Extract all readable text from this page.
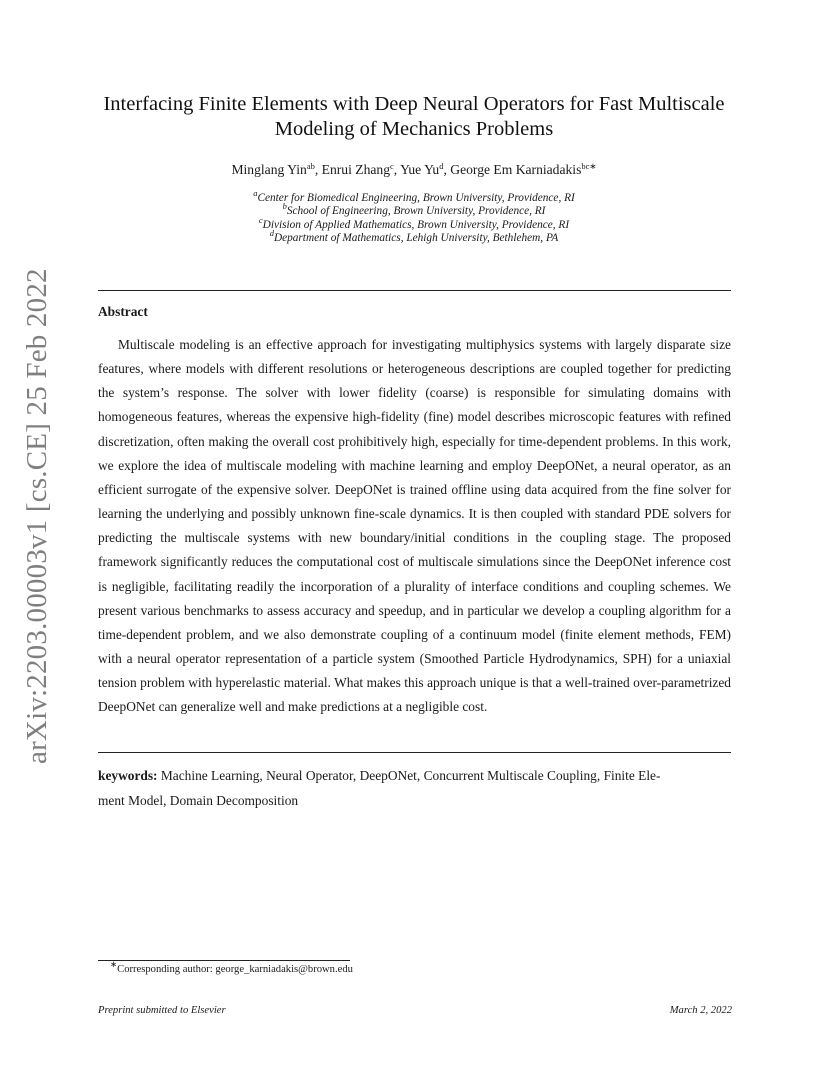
arXiv:2203.00003v1 [cs.CE] 25 Feb 2022
Interfacing Finite Elements with Deep Neural Operators for Fast Multiscale
Modeling of Mechanics Problems
Minglang Yin$^{ab}$, Enrui Zhang$^c$, Yue Yu$^d$, George Em Karniadakis$^{bc∗}$
$^a$Center for Biomedical Engineering, Brown University, Providence, RI
$^b$School of Engineering, Brown University, Providence, RI
$^c$Division of Applied Mathematics, Brown University, Providence, RI
$^d$Department of Mathematics, Lehigh University, Bethlehem, PA
Abstract
Multiscale modeling is an effective approach for investigating multiphysics systems with largely disparate size features, where models with different resolutions or heterogeneous descriptions are coupled together for predicting the system’s response. The solver with lower fidelity (coarse) is responsible for simulating domains with homogeneous features, whereas the expensive high-fidelity (fine) model describes microscopic features with refined discretization, often making the overall cost prohibitively high, especially for time-dependent problems. In this work, we explore the idea of multiscale modeling with machine learning and employ DeepONet, a neural operator, as an efficient surrogate of the expensive solver. DeepONet is trained offline using data acquired from the fine solver for learning the underlying and possibly unknown fine-scale dynamics. It is then coupled with standard PDE solvers for predicting the multiscale systems with new boundary/initial conditions in the coupling stage. The proposed framework significantly reduces the computational cost of multiscale simulations since the DeepONet inference cost is negligible, facilitating readily the incorporation of a plurality of interface conditions and coupling schemes. We present various benchmarks to assess accuracy and speedup, and in particular we develop a coupling algorithm for a time-dependent problem, and we also demonstrate coupling of a continuum model (finite element methods, FEM) with a neural operator representation of a particle system (Smoothed Particle Hydrodynamics, SPH) for a uniaxial tension problem with hyperelastic material. What makes this approach unique is that a well-trained over-parametrized DeepONet can generalize well and make predictions at a negligible cost.
keywords: Machine Learning, Neural Operator, DeepONet, Concurrent Multiscale Coupling, Finite Ele-
ment Model, Domain Decomposition
∗Corresponding author: george_karniadakis@brown.edu
Preprint submitted to Elsevier	March 2, 2022
